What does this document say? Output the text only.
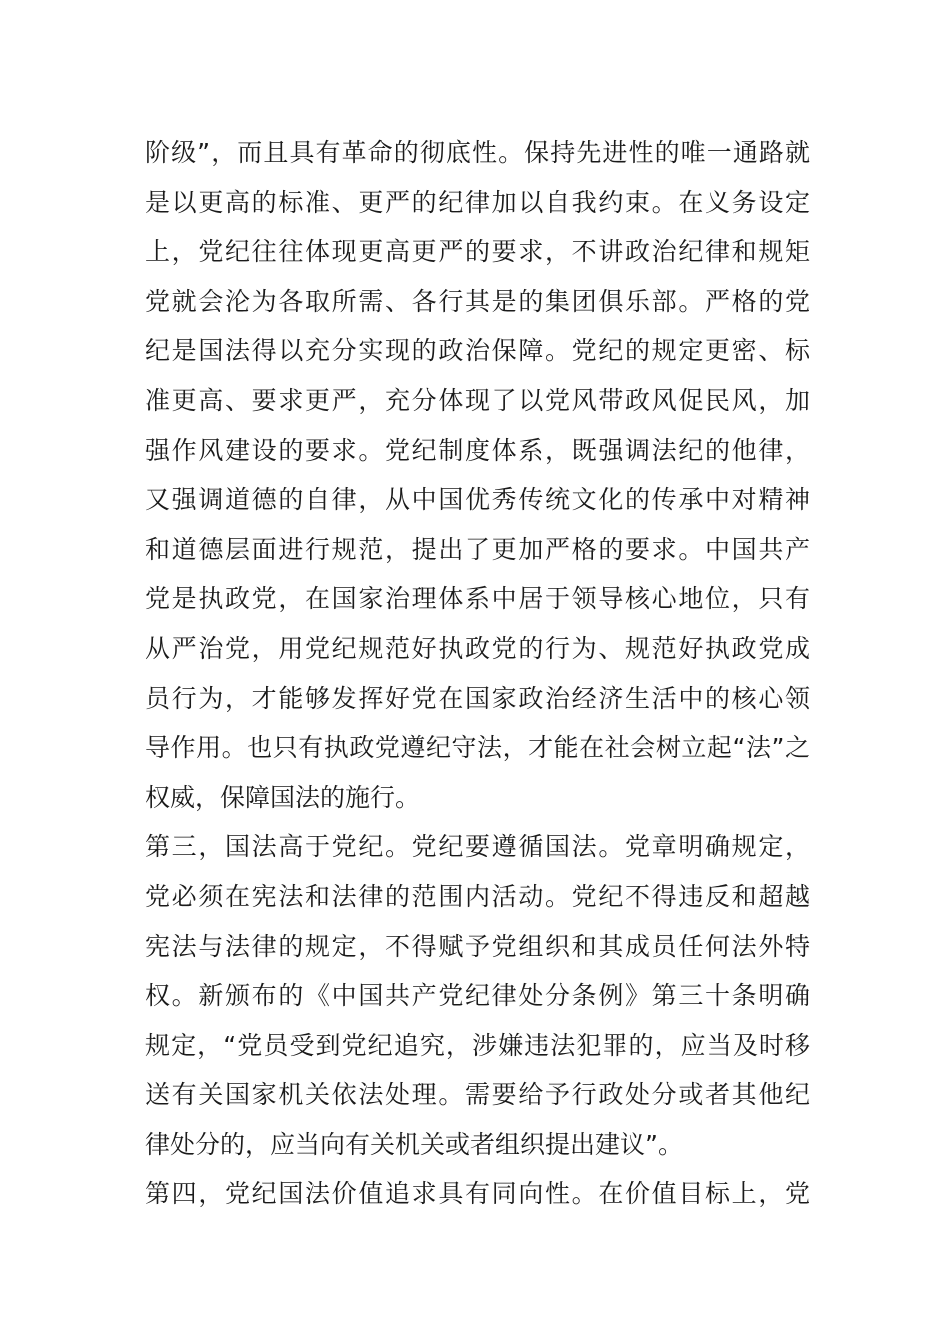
阶级”，而且具有革命的彻底性。保持先进性的唯一通路就
是以更高的标准、更严的纪律加以自我约束。在义务设定
上，党纪往往体现更高更严的要求，不讲政治纪律和规矩
党就会沦为各取所需、各行其是的集团俱乐部。严格的党
纪是国法得以充分实现的政治保障。党纪的规定更密、标
准更高、要求更严，充分体现了以党风带政风促民风，加
强作风建设的要求。党纪制度体系，既强调法纪的他律，
又强调道德的自律，从中国优秀传统文化的传承中对精神
和道德层面进行规范，提出了更加严格的要求。中国共产
党是执政党，在国家治理体系中居于领导核心地位，只有
从严治党，用党纪规范好执政党的行为、规范好执政党成
员行为，才能够发挥好党在国家政治经济生活中的核心领
导作用。也只有执政党遵纪守法，才能在社会树立起“法”之
权威，保障国法的施行。
第三，国法高于党纪。党纪要遵循国法。党章明确规定，
党必须在宪法和法律的范围内活动。党纪不得违反和超越
宪法与法律的规定，不得赋予党组织和其成员任何法外特
权。新颁布的《中国共产党纪律处分条例》第三十条明确
规定，“党员受到党纪追究，涉嫌违法犯罪的，应当及时移
送有关国家机关依法处理。需要给予行政处分或者其他纪
律处分的，应当向有关机关或者组织提出建议”。
第四，党纪国法价值追求具有同向性。在价值目标上，党
